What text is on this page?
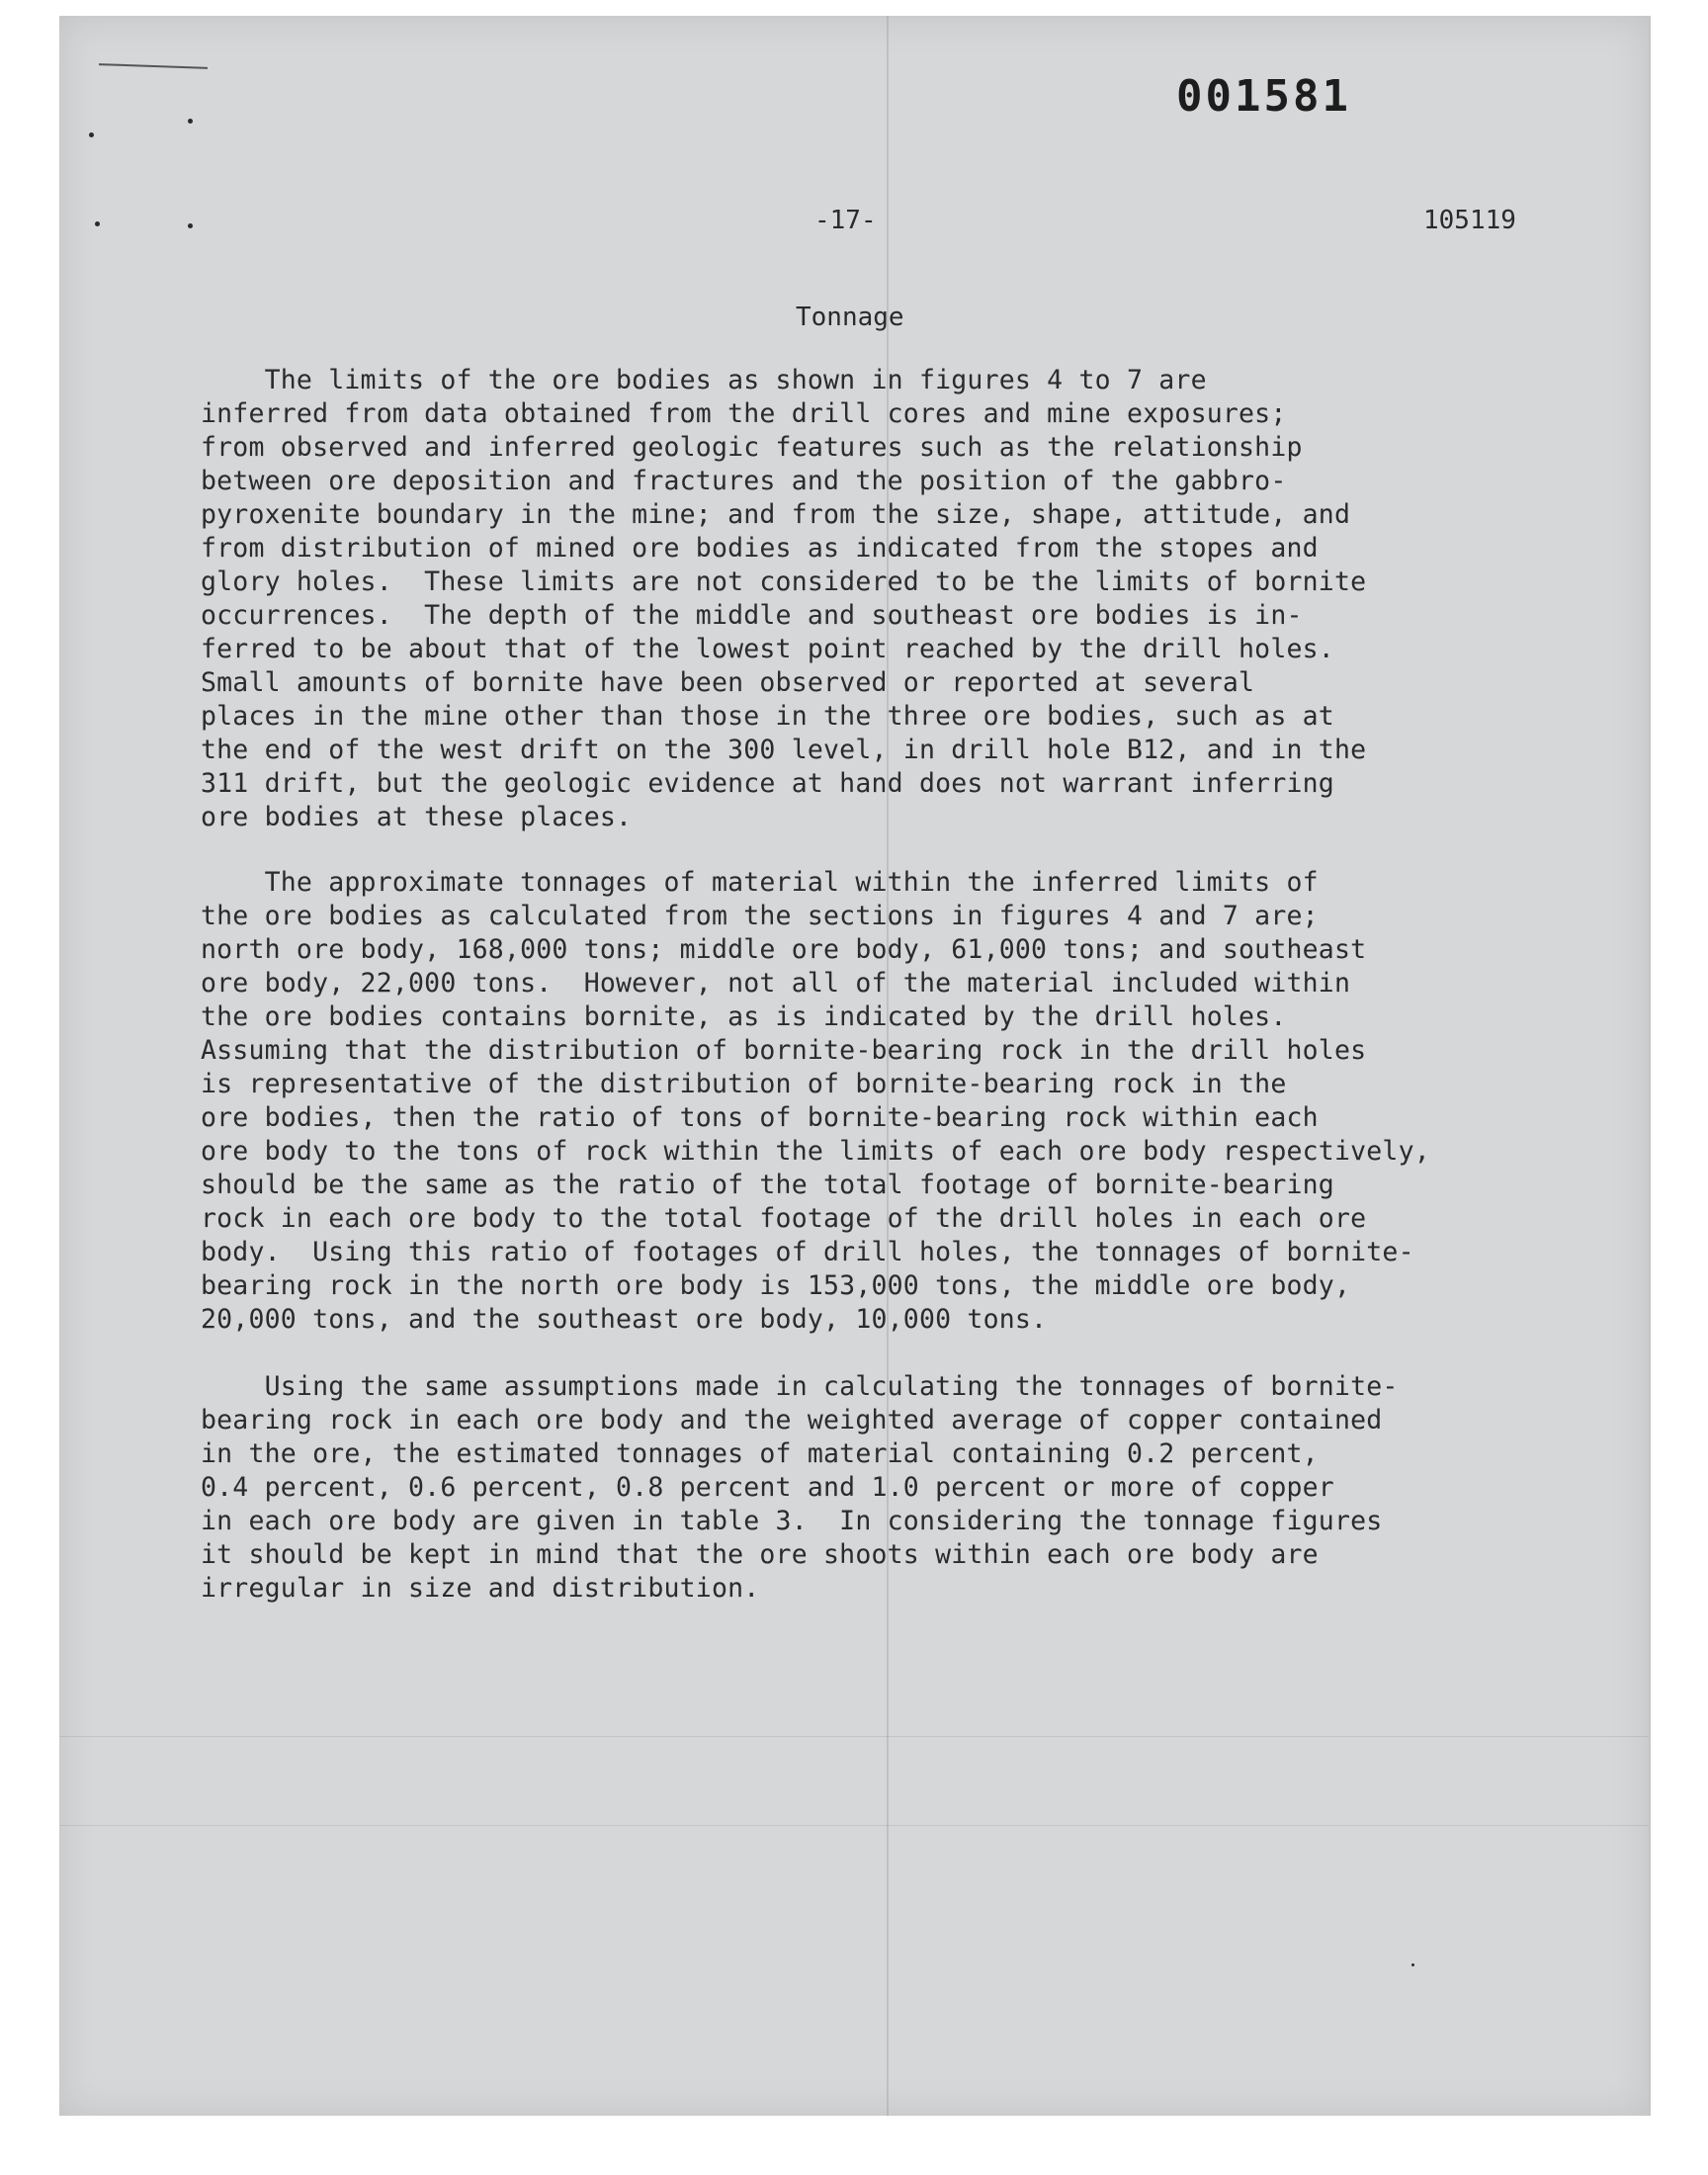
001581
-17-	105119
Tonnage
The limits of the ore bodies as shown in figures 4 to 7 are
inferred from data obtained from the drill cores and mine exposures;
from observed and inferred geologic features such as the relationship
between ore deposition and fractures and the position of the gabbro-
pyroxenite boundary in the mine; and from the size, shape, attitude, and
from distribution of mined ore bodies as indicated from the stopes and
glory holes.  These limits are not considered to be the limits of bornite
occurrences.  The depth of the middle and southeast ore bodies is in-
ferred to be about that of the lowest point reached by the drill holes.
Small amounts of bornite have been observed or reported at several
places in the mine other than those in the three ore bodies, such as at
the end of the west drift on the 300 level, in drill hole B12, and in the
311 drift, but the geologic evidence at hand does not warrant inferring
ore bodies at these places.
The approximate tonnages of material within the inferred limits of
the ore bodies as calculated from the sections in figures 4 and 7 are;
north ore body, 168,000 tons; middle ore body, 61,000 tons; and southeast
ore body, 22,000 tons.  However, not all of the material included within
the ore bodies contains bornite, as is indicated by the drill holes.
Assuming that the distribution of bornite-bearing rock in the drill holes
is representative of the distribution of bornite-bearing rock in the
ore bodies, then the ratio of tons of bornite-bearing rock within each
ore body to the tons of rock within the limits of each ore body respectively,
should be the same as the ratio of the total footage of bornite-bearing
rock in each ore body to the total footage of the drill holes in each ore
body.  Using this ratio of footages of drill holes, the tonnages of bornite-
bearing rock in the north ore body is 153,000 tons, the middle ore body,
20,000 tons, and the southeast ore body, 10,000 tons.
Using the same assumptions made in calculating the tonnages of bornite-
bearing rock in each ore body and the weighted average of copper contained
in the ore, the estimated tonnages of material containing 0.2 percent,
0.4 percent, 0.6 percent, 0.8 percent and 1.0 percent or more of copper
in each ore body are given in table 3.  In considering the tonnage figures
it should be kept in mind that the ore shoots within each ore body are
irregular in size and distribution.
